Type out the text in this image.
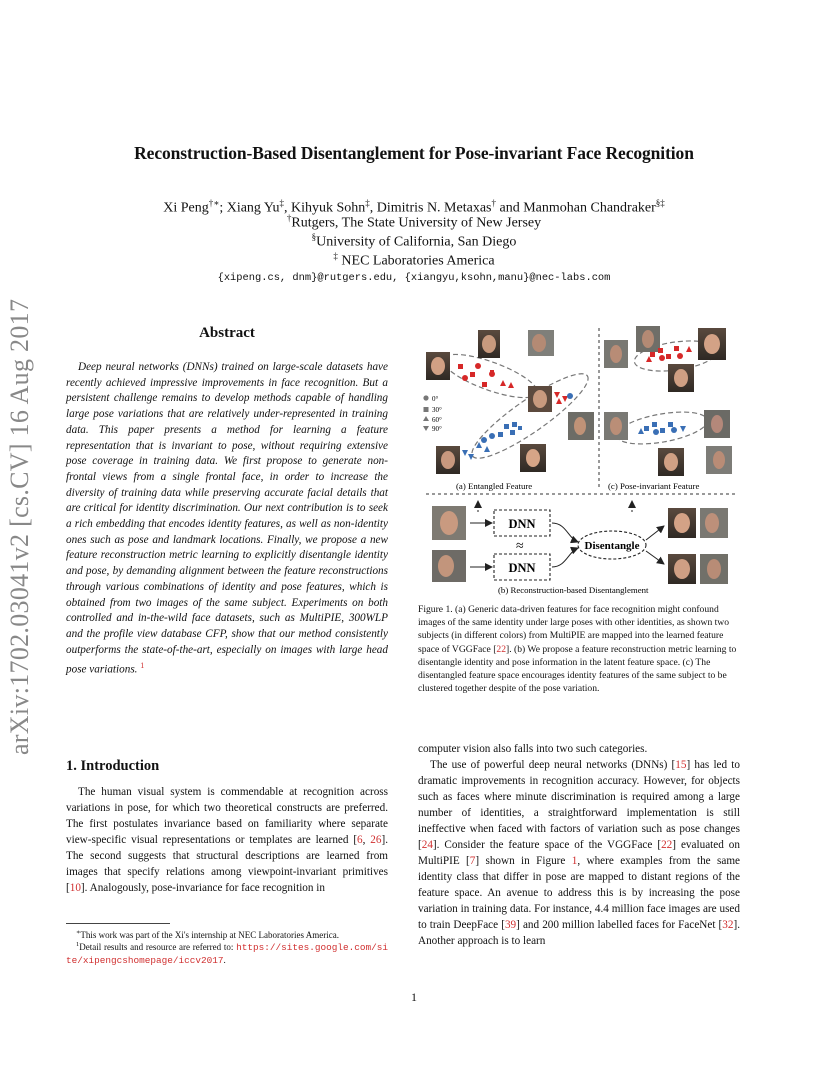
arXiv:1702.03041v2 [cs.CV] 16 Aug 2017
Reconstruction-Based Disentanglement for Pose-invariant Face Recognition
Xi Peng†∗; Xiang Yu‡, Kihyuk Sohn‡, Dimitris N. Metaxas† and Manmohan Chandraker§‡
†Rutgers, The State University of New Jersey
§University of California, San Diego
‡ NEC Laboratories America
{xipeng.cs, dnm}@rutgers.edu, {xiangyu,ksohn,manu}@nec-labs.com
Abstract
Deep neural networks (DNNs) trained on large-scale datasets have recently achieved impressive improvements in face recognition. But a persistent challenge remains to develop methods capable of handling large pose variations that are relatively under-represented in training data. This paper presents a method for learning a feature representation that is invariant to pose, without requiring extensive pose coverage in training data. We first propose to generate non-frontal views from a single frontal face, in order to increase the diversity of training data while preserving accurate facial details that are critical for identity discrimination. Our next contribution is to seek a rich embedding that encodes identity features, as well as non-identity ones such as pose and landmark locations. Finally, we propose a new feature reconstruction metric learning to explicitly disentangle identity and pose, by demanding alignment between the feature reconstructions through various combinations of identity and pose features, which is obtained from two images of the same subject. Experiments on both controlled and in-the-wild face datasets, such as MultiPIE, 300WLP and the profile view database CFP, show that our method consistently outperforms the state-of-the-art, especially on images with large head pose variations. $^1$
1. Introduction
The human visual system is commendable at recognition across variations in pose, for which two theoretical constructs are preferred. The first postulates invariance based on familiarity where separate view-specific visual representations or templates are learned [6, 26]. The second suggests that structural descriptions are learned from images that specify relations among viewpoint-invariant primitives [10]. Analogously, pose-invariance for face recognition in
∗This work was part of the Xi's internship at NEC Laboratories America.
$^1$Detail results and resource are referred to: https://sites.google.com/site/xipengcshomepage/iccv2017.
0°
30°
60°
90°
(a) Entangled Feature	(c) Pose-invariant Feature
DNN
DNN
≈	Disentangle
(b) Reconstruction-based Disentanglement
Figure 1. (a) Generic data-driven features for face recognition might confound images of the same identity under large poses with other identities, as shown two subjects (in different colors) from MultiPIE are mapped into the learned feature space of VGGFace [22]. (b) We propose a feature reconstruction metric learning to disentangle identity and pose information in the latent feature space. (c) The disentangled feature space encourages identity features of the same subject to be clustered together despite of the pose variation.

computer vision also falls into two such categories.

The use of powerful deep neural networks (DNNs) [15] has led to dramatic improvements in recognition accuracy. However, for objects such as faces where minute discrimination is required among a large number of identities, a straightforward implementation is still ineffective when faced with factors of variation such as pose changes [24]. Consider the feature space of the VGGFace [22] evaluated on MultiPIE [7] shown in Figure 1, where examples from the same identity class that differ in pose are mapped to distant regions of the feature space. An avenue to address this is by increasing the pose variation in training data. For instance, 4.4 million face images are used to train DeepFace [39] and 200 million labelled faces for FaceNet [32]. Another approach is to learn

1
